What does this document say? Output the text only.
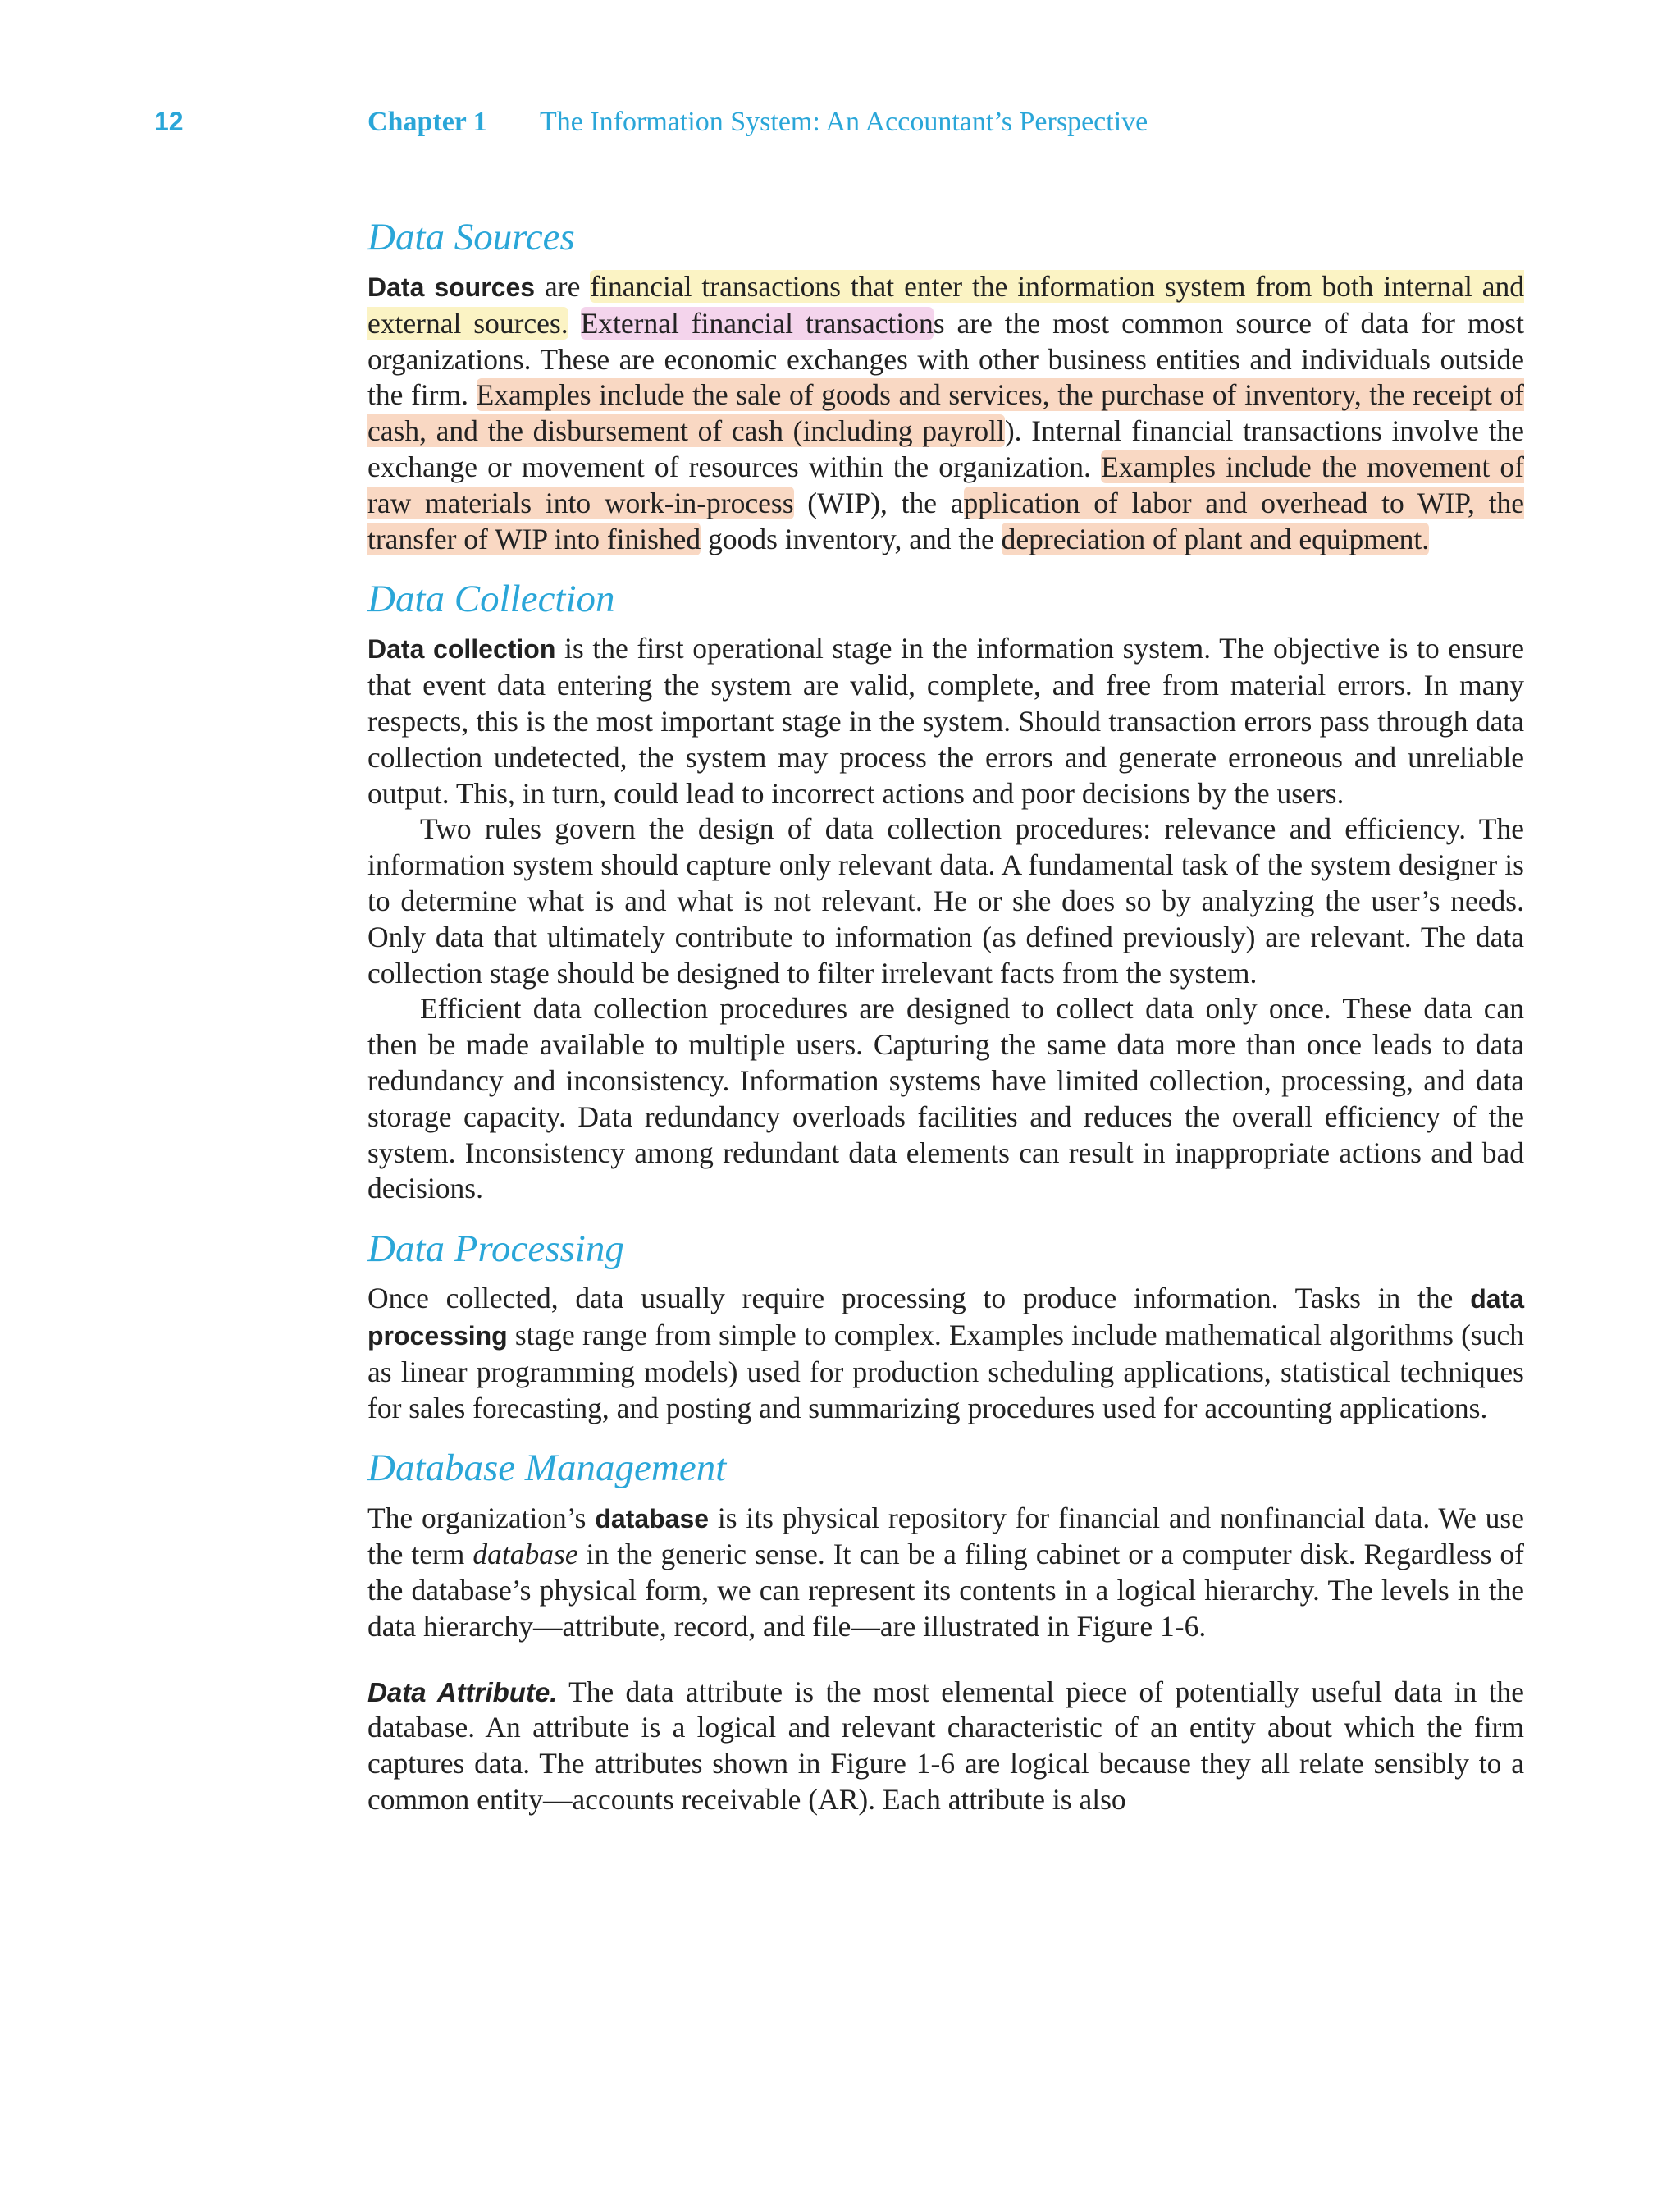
12	Chapter 1 The Information System: An Accountant’s Perspective
Data Sources

Data sources are financial transactions that enter the information system from both internal and external sources. External financial transactions are the most common source of data for most organizations. These are economic exchanges with other business entities and individuals outside the firm. Examples include the sale of goods and services, the purchase of inventory, the receipt of cash, and the disbursement of cash (including payroll). Internal financial transactions involve the exchange or movement of resources within the organization. Examples include the movement of raw materials into work-in-process (WIP), the application of labor and overhead to WIP, the transfer of WIP into finished goods inventory, and the depreciation of plant and equipment.

Data Collection

Data collection is the first operational stage in the information system. The objective is to ensure that event data entering the system are valid, complete, and free from material errors. In many respects, this is the most important stage in the system. Should transaction errors pass through data collection undetected, the system may process the errors and generate erroneous and unreliable output. This, in turn, could lead to incorrect actions and poor decisions by the users.

Two rules govern the design of data collection procedures: relevance and efficiency. The information system should capture only relevant data. A fundamental task of the system designer is to determine what is and what is not relevant. He or she does so by analyzing the user’s needs. Only data that ultimately contribute to information (as defined previously) are relevant. The data collection stage should be designed to filter irrelevant facts from the system.

Efficient data collection procedures are designed to collect data only once. These data can then be made available to multiple users. Capturing the same data more than once leads to data redundancy and inconsistency. Information systems have limited collection, processing, and data storage capacity. Data redundancy overloads facilities and reduces the overall efficiency of the system. Inconsistency among redundant data elements can result in inappropriate actions and bad decisions.

Data Processing

Once collected, data usually require processing to produce information. Tasks in the data processing stage range from simple to complex. Examples include mathematical algorithms (such as linear programming models) used for production scheduling applications, statistical techniques for sales forecasting, and posting and summarizing procedures used for accounting applications.

Database Management

The organization’s database is its physical repository for financial and nonfinancial data. We use the term database in the generic sense. It can be a filing cabinet or a computer disk. Regardless of the database’s physical form, we can represent its contents in a logical hierarchy. The levels in the data hierarchy—attribute, record, and file—are illustrated in Figure 1-6.

Data Attribute. The data attribute is the most elemental piece of potentially useful data in the database. An attribute is a logical and relevant characteristic of an entity about which the firm captures data. The attributes shown in Figure 1-6 are logical because they all relate sensibly to a common entity—accounts receivable (AR). Each attribute is also
